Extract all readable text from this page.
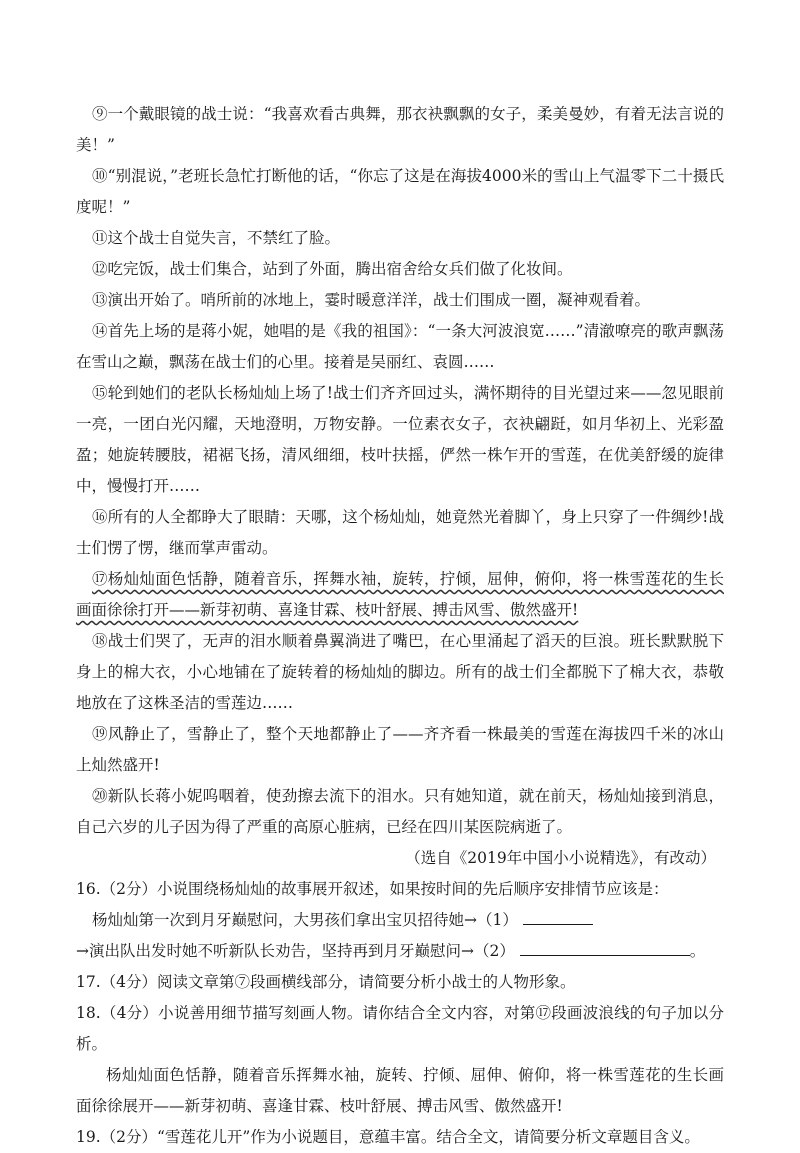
⑨一个戴眼镜的战士说：“我喜欢看古典舞，那衣袂飘飘的女子，柔美曼妙，有着无法言说的美！”

⑩“别混说，”老班长急忙打断他的话，“你忘了这是在海拔4000米的雪山上气温零下二十摄氏度呢！”

⑪这个战士自觉失言，不禁红了脸。

⑫吃完饭，战士们集合，站到了外面，腾出宿舍给女兵们做了化妆间。

⑬演出开始了。哨所前的冰地上，霎时暖意洋洋，战士们围成一圈，凝神观看着。

⑭首先上场的是蒋小妮，她唱的是《我的祖国》：“一条大河波浪宽……”清澈嘹亮的歌声飘荡在雪山之巅，飘荡在战士们的心里。接着是吴丽红、袁圆……

⑮轮到她们的老队长杨灿灿上场了!战士们齐齐回过头，满怀期待的目光望过来——忽见眼前一亮，一团白光闪耀，天地澄明，万物安静。一位素衣女子，衣袂翩跹，如月华初上、光彩盈盈；她旋转腰肢，裙裾飞扬，清风细细，枝叶扶摇，俨然一株乍开的雪莲，在优美舒缓的旋律中，慢慢打开……

⑯所有的人全都睁大了眼睛：天哪，这个杨灿灿，她竟然光着脚丫，身上只穿了一件绸纱!战士们愣了愣，继而掌声雷动。

⑰杨灿灿面色恬静，随着音乐，挥舞水袖，旋转，拧倾，屈伸，俯仰，将一株雪莲花的生长画面徐徐打开——新芽初萌、喜逢甘霖、枝叶舒展、搏击风雪、傲然盛开!

⑱战士们哭了，无声的泪水顺着鼻翼淌进了嘴巴，在心里涌起了滔天的巨浪。班长默默脱下身上的棉大衣，小心地铺在了旋转着的杨灿灿的脚边。所有的战士们全都脱下了棉大衣，恭敬地放在了这株圣洁的雪莲边……

⑲风静止了，雪静止了，整个天地都静止了——齐齐看一株最美的雪莲在海拔四千米的冰山上灿然盛开!

⑳新队长蒋小妮呜咽着，使劲擦去流下的泪水。只有她知道，就在前天，杨灿灿接到消息，自己六岁的儿子因为得了严重的高原心脏病，已经在四川某医院病逝了。

（选自《2019年中国小小说精选》，有改动）

16.（2分）小说围绕杨灿灿的故事展开叙述，如果按时间的先后顺序安排情节应该是：

杨灿灿第一次到月牙巅慰问，大男孩们拿出宝贝招待她→（1）
→演出队出发时她不听新队长劝告，坚持再到月牙巅慰问→（2）	。

17.（4分）阅读文章第⑦段画横线部分，请简要分析小战士的人物形象。

18.（4分）小说善用细节描写刻画人物。请你结合全文内容，对第⑰段画波浪线的句子加以分析。

杨灿灿面色恬静，随着音乐挥舞水袖，旋转、拧倾、屈伸、俯仰，将一株雪莲花的生长画面徐徐展开——新芽初萌、喜逢甘霖、枝叶舒展、搏击风雪、傲然盛开!

19.（2分）“雪莲花儿开”作为小说题目，意蕴丰富。结合全文，请简要分析文章题目含义。
